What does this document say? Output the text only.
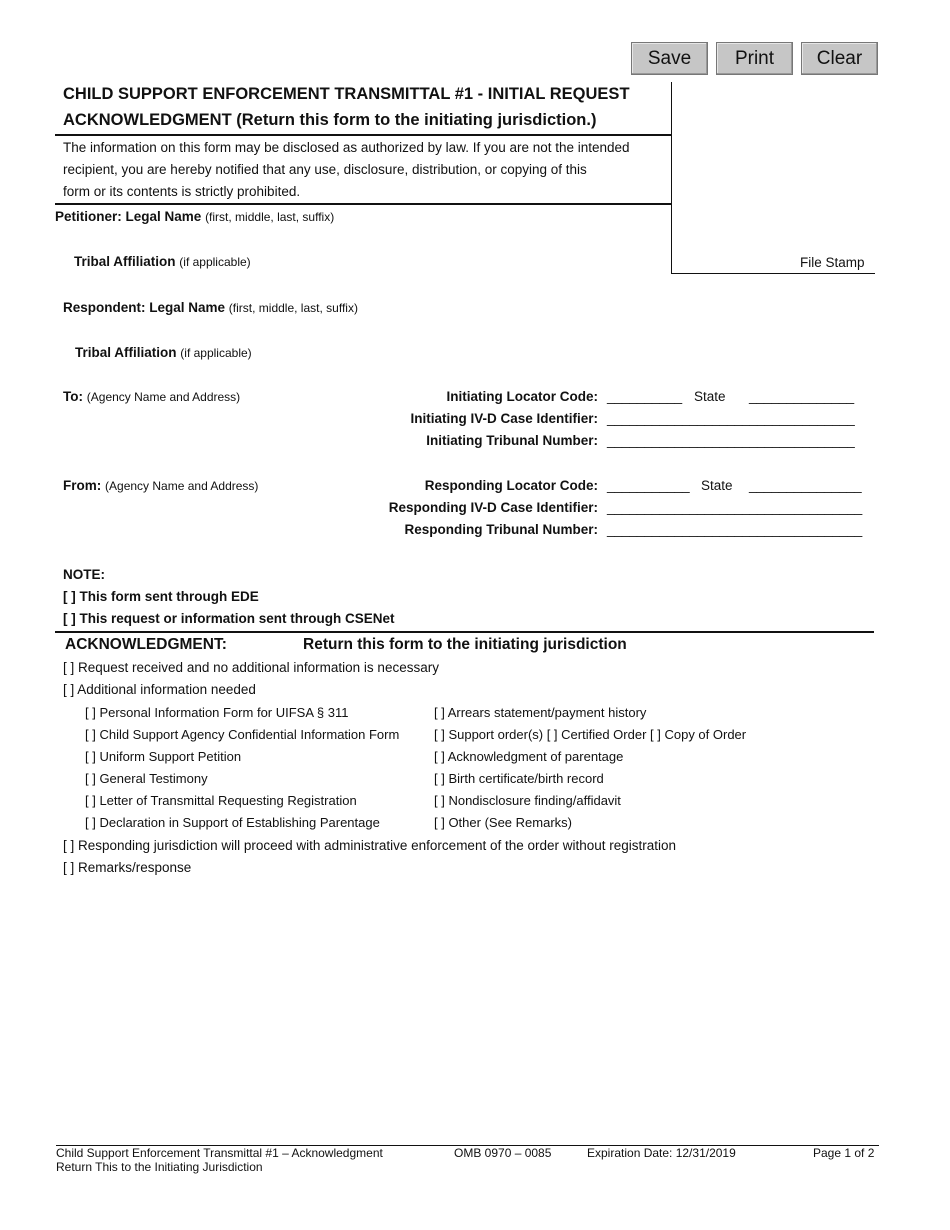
Save	Print	Clear
CHILD SUPPORT ENFORCEMENT TRANSMITTAL #1 - INITIAL REQUEST
ACKNOWLEDGMENT (Return this form to the initiating jurisdiction.)
The information on this form may be disclosed as authorized by law. If you are not the intended
recipient, you are hereby notified that any use, disclosure, distribution, or copying of this
form or its contents is strictly prohibited.
File Stamp
Petitioner: Legal Name (first, middle, last, suffix)
Tribal Affiliation (if applicable)
Respondent: Legal Name (first, middle, last, suffix)
Tribal Affiliation (if applicable)
To: (Agency Name and Address)	Initiating Locator Code: __________ State ______________
Initiating IV-D Case Identifier: _________________________________
Initiating Tribunal Number: _________________________________
From: (Agency Name and Address)	Responding Locator Code: ___________ State _______________
Responding IV-D Case Identifier: __________________________________
Responding Tribunal Number: __________________________________
NOTE:
[ ] This form sent through EDE
[ ] This request or information sent through CSENet
ACKNOWLEDGMENT:	Return this form to the initiating jurisdiction
[ ] Request received and no additional information is necessary
[ ] Additional information needed
[ ] Personal Information Form for UIFSA § 311
[ ] Child Support Agency Confidential Information Form
[ ] Uniform Support Petition
[ ] General Testimony
[ ] Letter of Transmittal Requesting Registration
[ ] Declaration in Support of Establishing Parentage
[ ] Arrears statement/payment history
[ ] Support order(s) [ ] Certified Order [ ] Copy of Order
[ ] Acknowledgment of parentage
[ ] Birth certificate/birth record
[ ] Nondisclosure finding/affidavit
[ ] Other (See Remarks)
[ ] Responding jurisdiction will proceed with administrative enforcement of the order without registration
[ ] Remarks/response
Child Support Enforcement Transmittal #1 – Acknowledgment
Return This to the Initiating Jurisdiction
OMB 0970 – 0085	Expiration Date: 12/31/2019	Page 1 of 2
